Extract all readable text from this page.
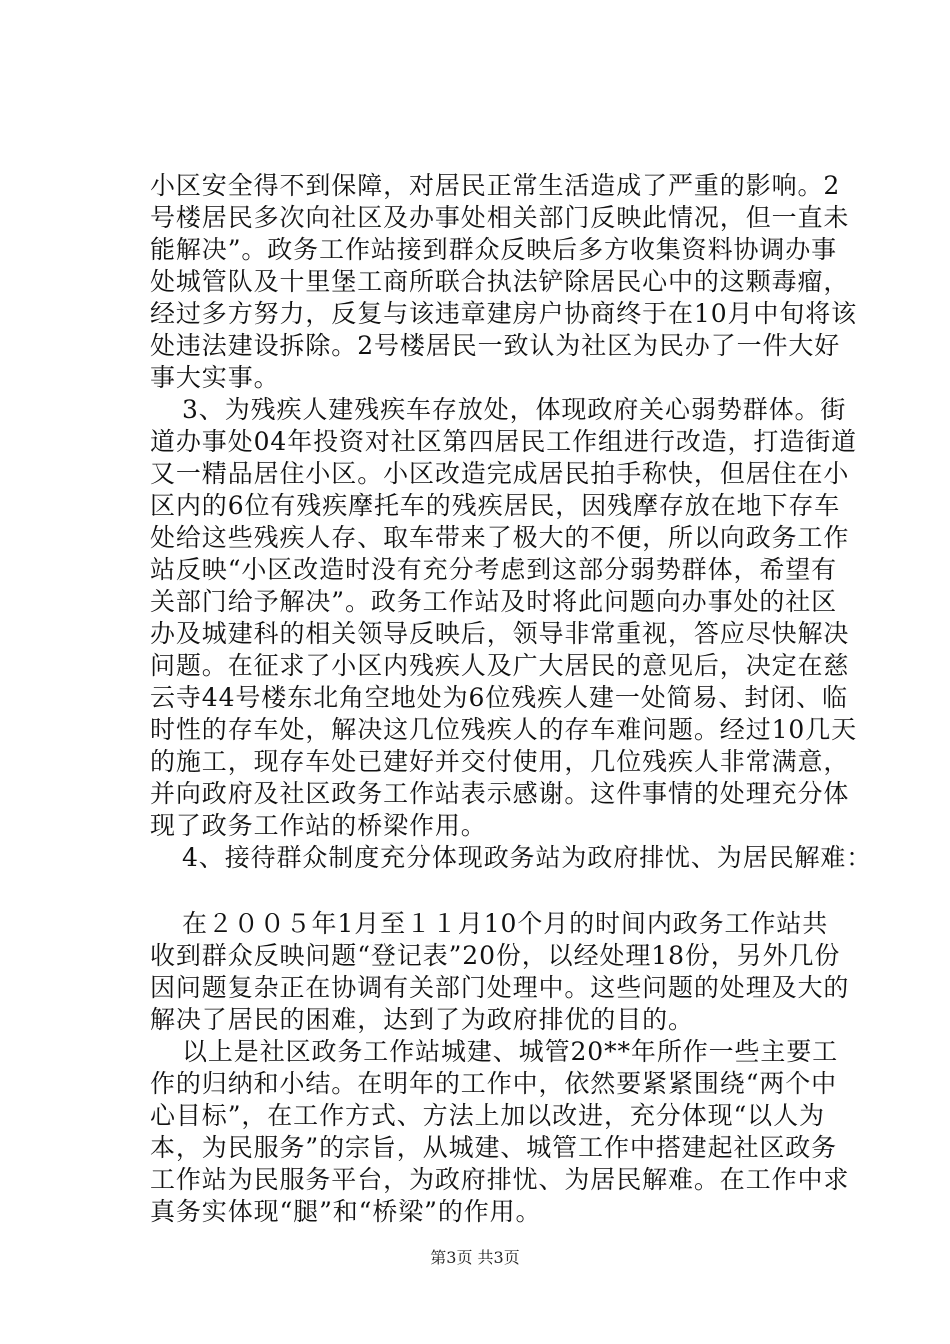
小区安全得不到保障，对居民正常生活造成了严重的影响。2
号楼居民多次向社区及办事处相关部门反映此情况，但一直未
能解决”。政务工作站接到群众反映后多方收集资料协调办事
处城管队及十里堡工商所联合执法铲除居民心中的这颗毒瘤，
经过多方努力，反复与该违章建房户协商终于在10月中旬将该
处违法建设拆除。2号楼居民一致认为社区为民办了一件大好
事大实事。
3、为残疾人建残疾车存放处，体现政府关心弱势群体。街
道办事处04年投资对社区第四居民工作组进行改造，打造街道
又一精品居住小区。小区改造完成居民拍手称快，但居住在小
区内的6位有残疾摩托车的残疾居民，因残摩存放在地下存车
处给这些残疾人存、取车带来了极大的不便，所以向政务工作
站反映“小区改造时没有充分考虑到这部分弱势群体，希望有
关部门给予解决”。政务工作站及时将此问题向办事处的社区
办及城建科的相关领导反映后，领导非常重视，答应尽快解决
问题。在征求了小区内残疾人及广大居民的意见后，决定在慈
云寺44号楼东北角空地处为6位残疾人建一处简易、封闭、临
时性的存车处，解决这几位残疾人的存车难问题。经过10几天
的施工，现存车处已建好并交付使用，几位残疾人非常满意，
并向政府及社区政务工作站表示感谢。这件事情的处理充分体
现了政务工作站的桥梁作用。
4、接待群众制度充分体现政务站为政府排忧、为居民解难：
在２００５年1月至１１月10个月的时间内政务工作站共
收到群众反映问题“登记表”20份，以经处理18份，另外几份
因问题复杂正在协调有关部门处理中。这些问题的处理及大的
解决了居民的困难，达到了为政府排优的目的。
以上是社区政务工作站城建、城管20**年所作一些主要工
作的归纳和小结。在明年的工作中，依然要紧紧围绕“两个中
心目标”，在工作方式、方法上加以改进，充分体现“以人为
本，为民服务”的宗旨，从城建、城管工作中搭建起社区政务
工作站为民服务平台，为政府排忧、为居民解难。在工作中求
真务实体现“腿”和“桥梁”的作用。
第3页 共3页
